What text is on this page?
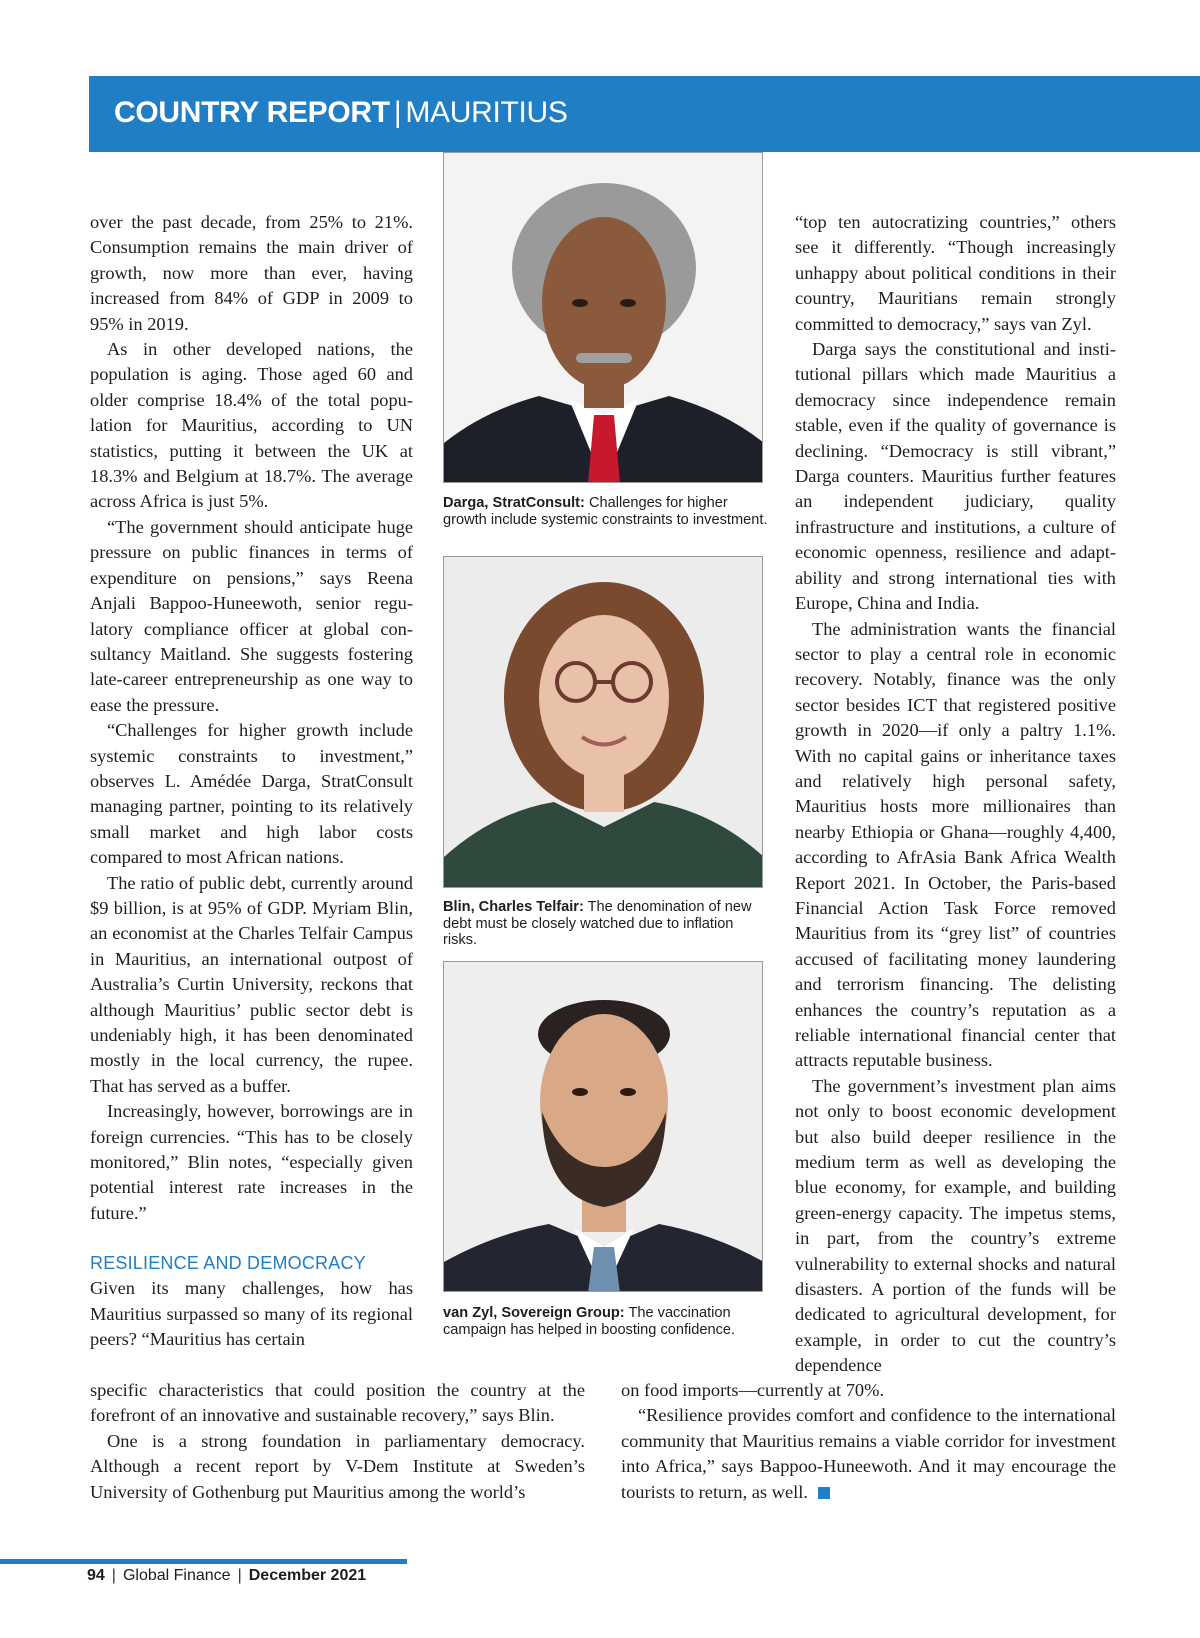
COUNTRY REPORT | MAURITIUS

over the past decade, from 25% to 21%. Consumption remains the main driver of growth, now more than ever, having increased from 84% of GDP in 2009 to 95% in 2019.

As in other developed nations, the population is aging. Those aged 60 and older comprise 18.4% of the total population for Mauritius, according to UN statistics, putting it between the UK at 18.3% and Belgium at 18.7%. The average across Africa is just 5%.

“The government should anticipate huge pressure on public finances in terms of expenditure on pensions,” says Reena Anjali Bappoo-Huneewoth, senior regulatory compliance officer at global consultancy Maitland. She suggests fostering late-career entrepreneurship as one way to ease the pressure.

“Challenges for higher growth include systemic constraints to investment,” observes L. Amédée Darga, StratConsult managing partner, pointing to its relatively small market and high labor costs compared to most African nations.

The ratio of public debt, currently around $9 billion, is at 95% of GDP. Myriam Blin, an economist at the Charles Telfair Campus in Mauritius, an international outpost of Australia’s Curtin University, reckons that although Mauritius’ public sector debt is undeniably high, it has been denominated mostly in the local currency, the rupee. That has served as a buffer.

Increasingly, however, borrowings are in foreign currencies. “This has to be closely monitored,” Blin notes, “especially given potential interest rate increases in the future.”

RESILIENCE AND DEMOCRACY

Given its many challenges, how has Mauritius surpassed so many of its regional peers? “Mauritius has certain

“top ten autocratizing countries,” others see it differently. “Though increasingly unhappy about political conditions in their country, Mauritians remain strongly committed to democracy,” says van Zyl.

Darga says the constitutional and institutional pillars which made Mauritius a democracy since independence remain stable, even if the quality of governance is declining. “Democracy is still vibrant,” Darga counters. Mauritius further features an independent judiciary, quality infrastructure and institutions, a culture of economic openness, resilience and adaptability and strong international ties with Europe, China and India.

The administration wants the financial sector to play a central role in economic recovery. Notably, finance was the only sector besides ICT that registered positive growth in 2020—if only a paltry 1.1%. With no capital gains or inheritance taxes and relatively high personal safety, Mauritius hosts more millionaires than nearby Ethiopia or Ghana—roughly 4,400, according to AfrAsia Bank Africa Wealth Report 2021. In October, the Paris-based Financial Action Task Force removed Mauritius from its “grey list” of countries accused of facilitating money laundering and terrorism financing. The delisting enhances the country’s reputation as a reliable international financial center that attracts reputable business.

The government’s investment plan aims not only to boost economic development but also build deeper resilience in the medium term as well as developing the blue economy, for example, and building green-energy capacity. The impetus stems, in part, from the country’s extreme vulnerability to external shocks and natural disasters. A portion of the funds will be dedicated to agricultural development, for example, in order to cut the country’s dependence

specific characteristics that could position the country at the forefront of an innovative and sustainable recovery,” says Blin.

One is a strong foundation in parliamentary democracy. Although a recent report by V-Dem Institute at Sweden’s University of Gothenburg put Mauritius among the world’s

on food imports—currently at 70%.

“Resilience provides comfort and confidence to the international community that Mauritius remains a viable corridor for investment into Africa,” says Bappoo-Huneewoth. And it may encourage the tourists to return, as well.

Darga, StratConsult: Challenges for higher growth include systemic constraints to investment.
Blin, Charles Telfair: The denomination of new debt must be closely watched due to inflation risks.
van Zyl, Sovereign Group: The vaccination campaign has helped in boosting confidence.
94 | Global Finance | December 2021
